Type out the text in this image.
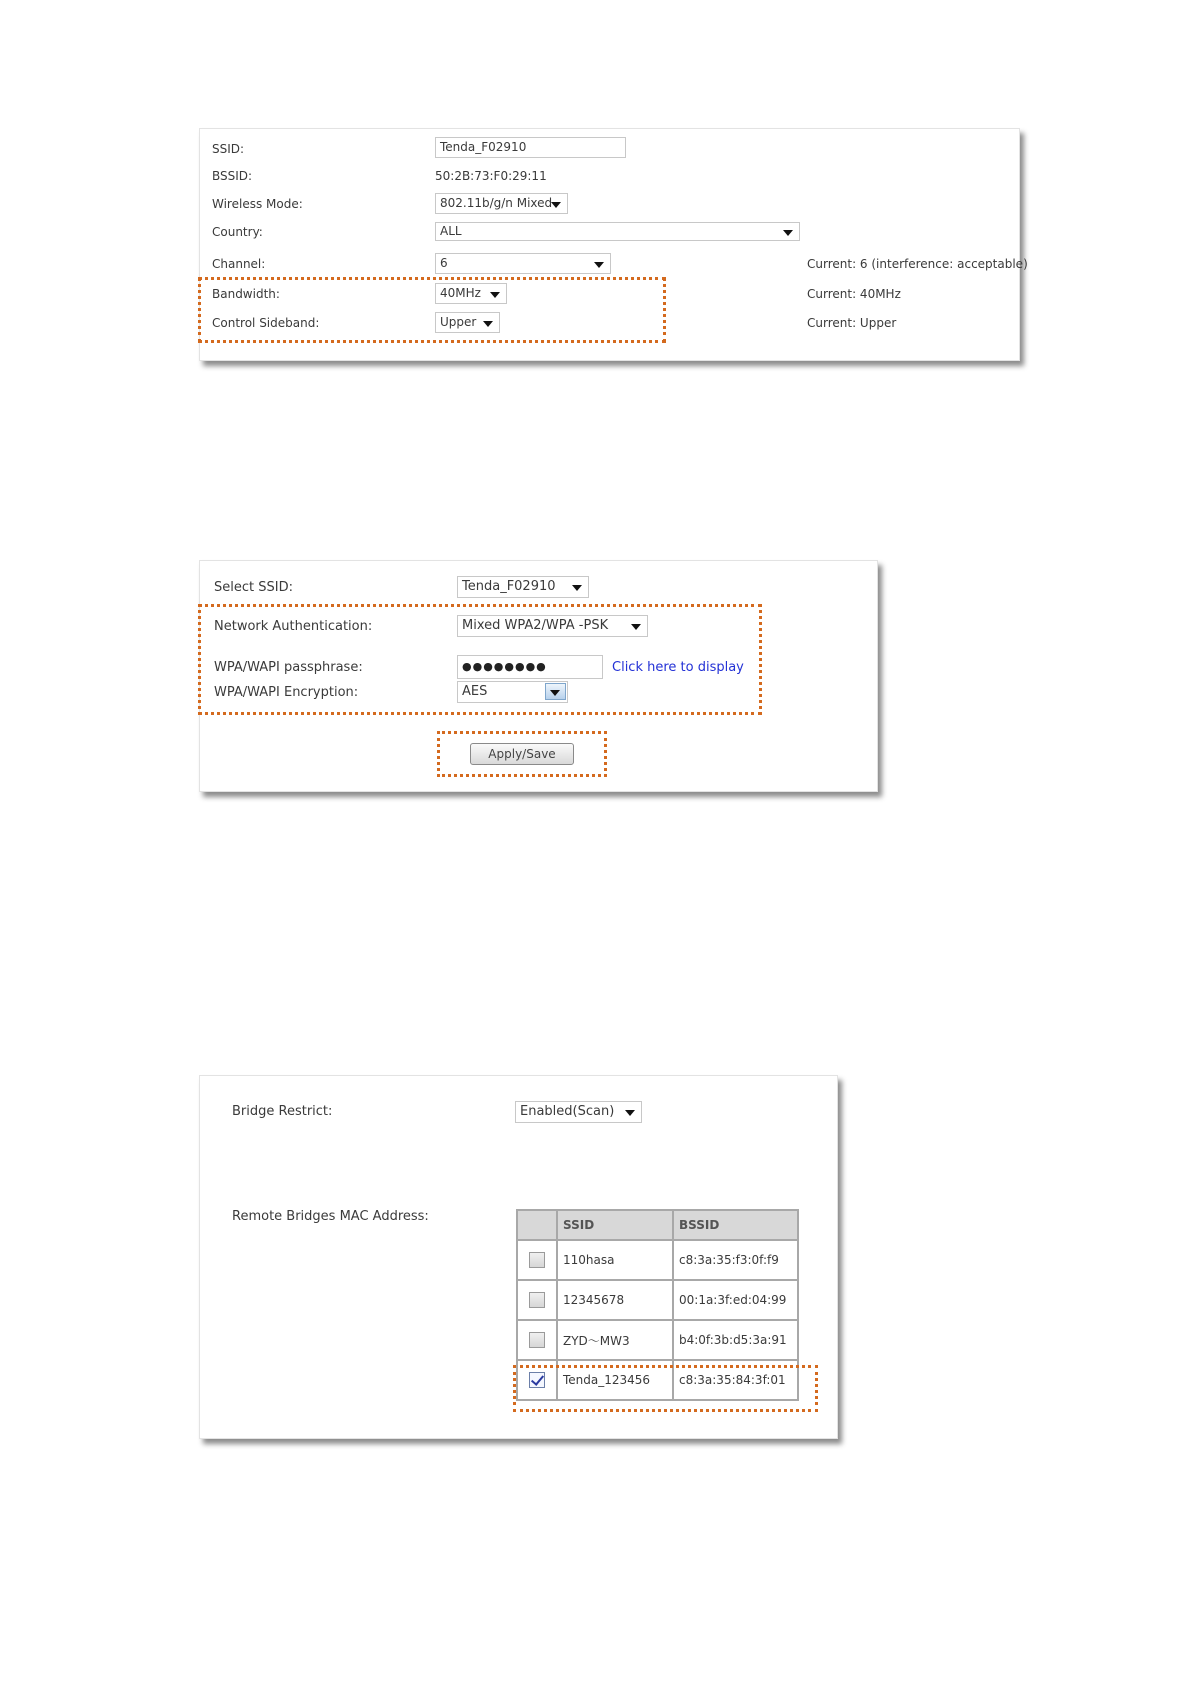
SSID:	Tenda_F02910
BSSID:	50:2B:73:F0:29:11
Wireless Mode:	802.11b/g/n Mixed
Country:	ALL
Channel:	6	Current: 6 (interference: acceptable)
Bandwidth:	40MHz	Current: 40MHz
Control Sideband:	Upper	Current: Upper
Select SSID:	Tenda_F02910
Network Authentication:	Mixed WPA2/WPA -PSK
WPA/WAPI passphrase:	●●●●●●●●	Click here to display
WPA/WAPI Encryption:	AES
Apply/Save
Bridge Restrict:	Enabled(Scan)
Remote Bridges MAC Address:
	SSID	BSSID
	110hasa	c8:3a:35:f3:0f:f9
	12345678	00:1a:3f:ed:04:99
	ZYD～MW3	b4:0f:3b:d5:3a:91
	Tenda_123456	c8:3a:35:84:3f:01
